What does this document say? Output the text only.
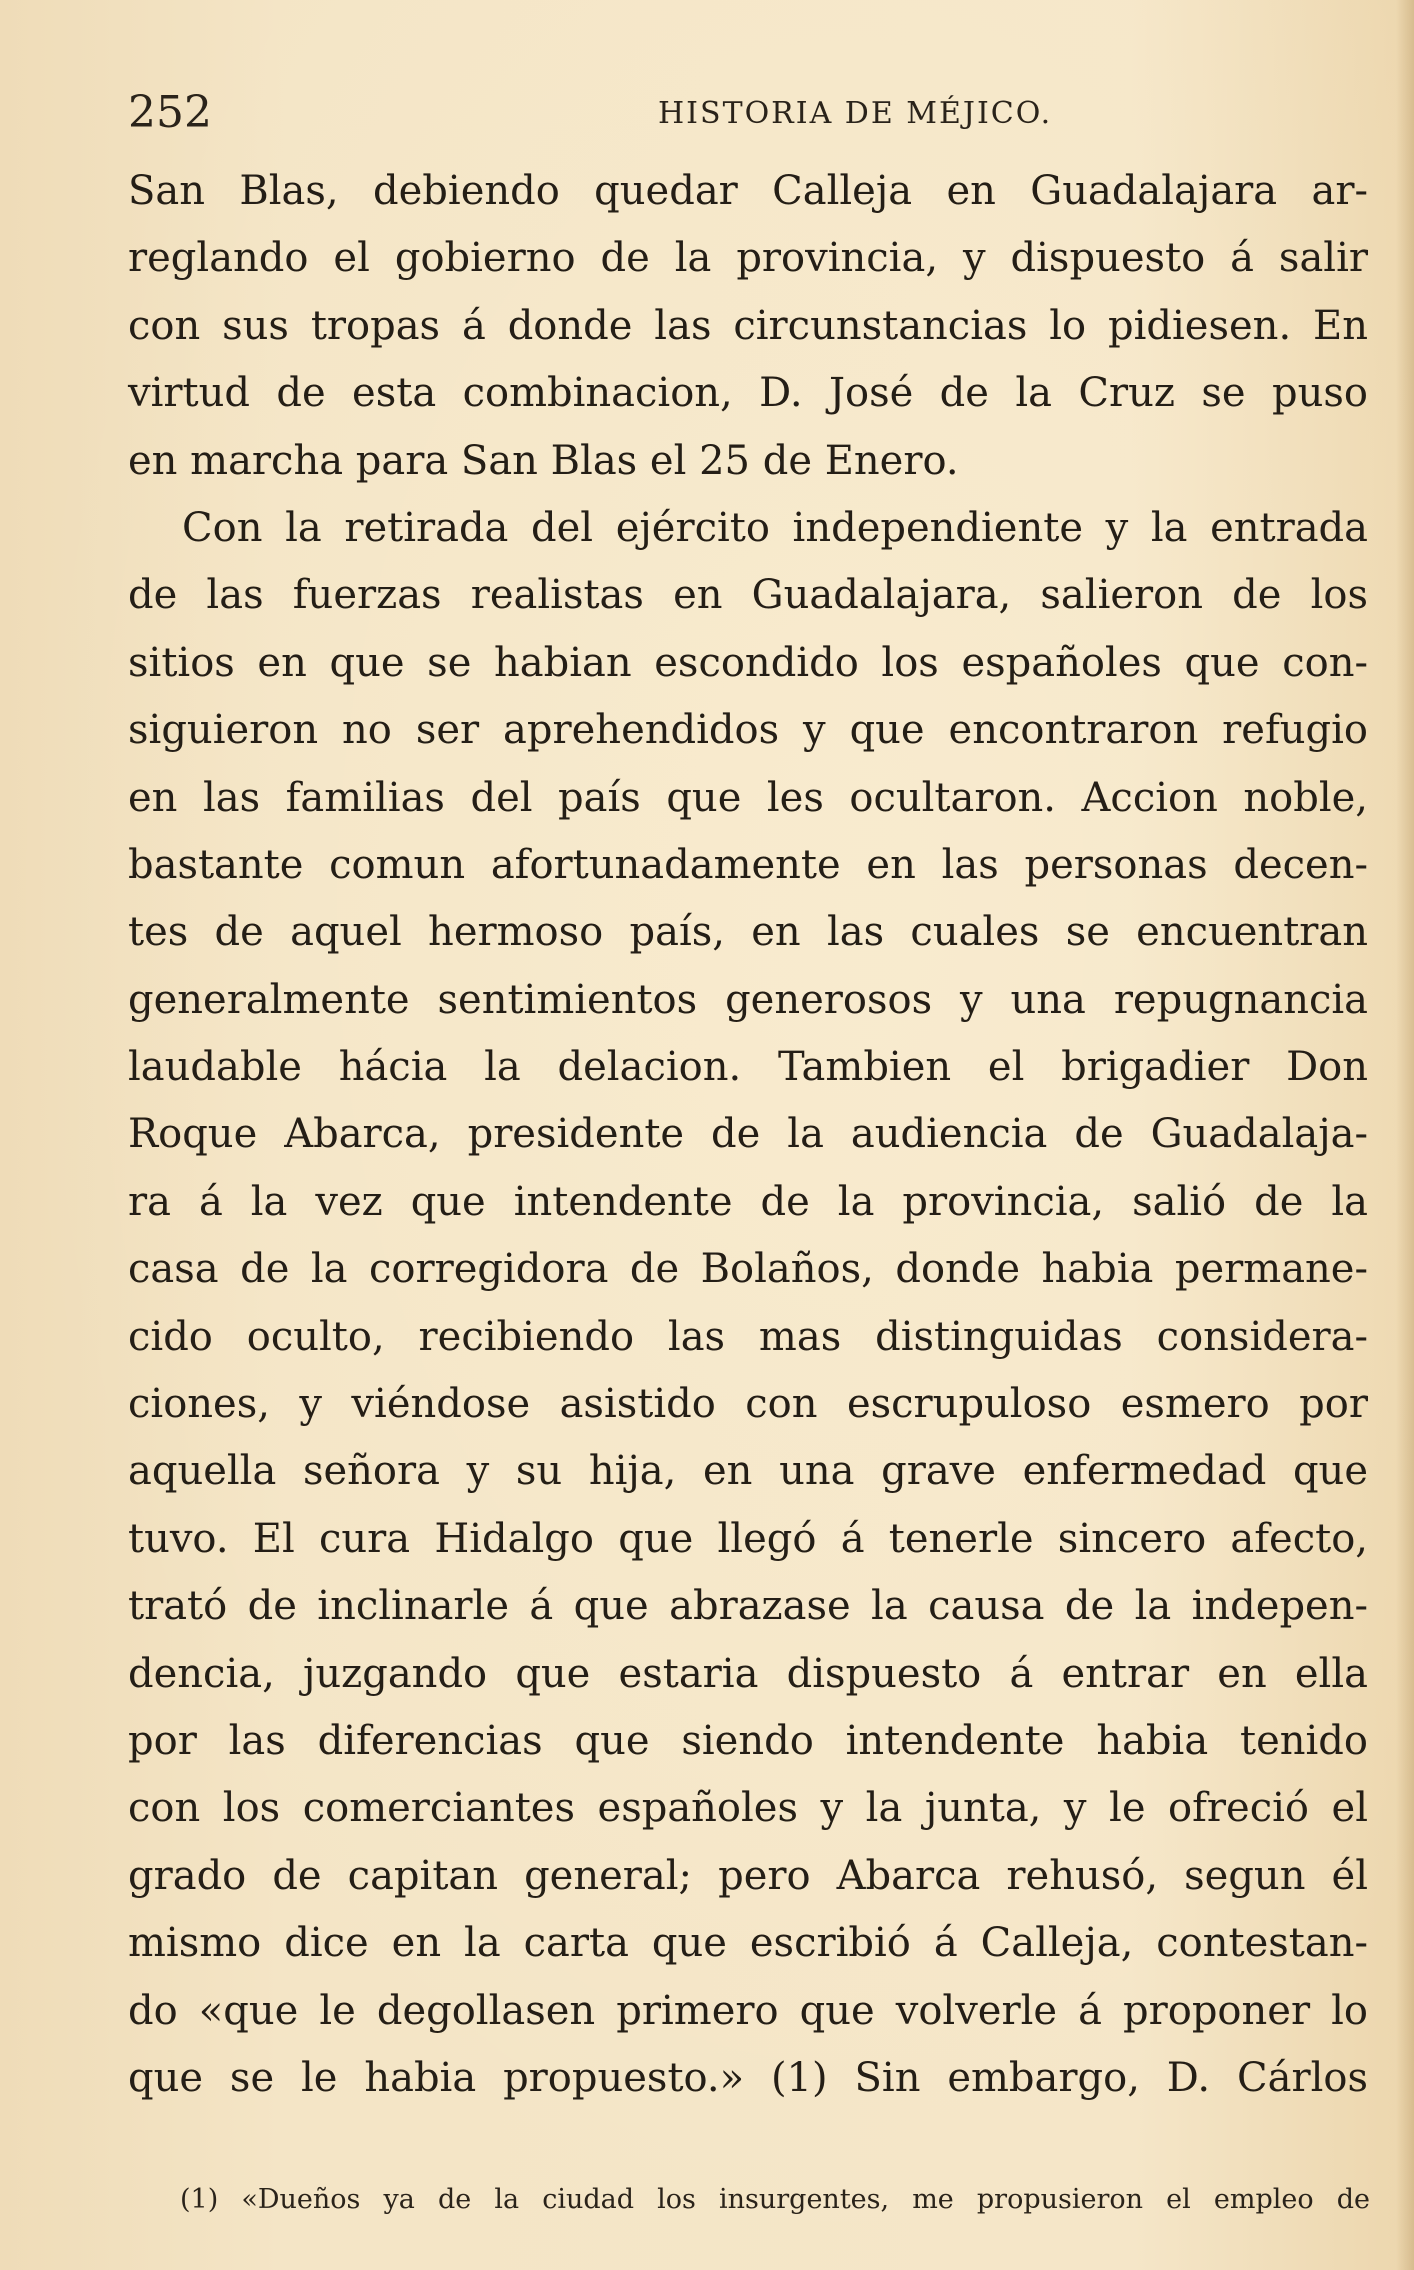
252	HISTORIA DE MÉJICO.
San Blas, debiendo quedar Calleja en Guadalajara ar-
reglando el gobierno de la provincia, y dispuesto á salir
con sus tropas á donde las circunstancias lo pidiesen. En
virtud de esta combinacion, D. José de la Cruz se puso
en marcha para San Blas el 25 de Enero.
Con la retirada del ejército independiente y la entrada
de las fuerzas realistas en Guadalajara, salieron de los
sitios en que se habian escondido los españoles que con-
siguieron no ser aprehendidos y que encontraron refugio
en las familias del país que les ocultaron. Accion noble,
bastante comun afortunadamente en las personas decen-
tes de aquel hermoso país, en las cuales se encuentran
generalmente sentimientos generosos y una repugnancia
laudable hácia la delacion. Tambien el brigadier Don
Roque Abarca, presidente de la audiencia de Guadalaja-
ra á la vez que intendente de la provincia, salió de la
casa de la corregidora de Bolaños, donde habia permane-
cido oculto, recibiendo las mas distinguidas considera-
ciones, y viéndose asistido con escrupuloso esmero por
aquella señora y su hija, en una grave enfermedad que
tuvo. El cura Hidalgo que llegó á tenerle sincero afecto,
trató de inclinarle á que abrazase la causa de la indepen-
dencia, juzgando que estaria dispuesto á entrar en ella
por las diferencias que siendo intendente habia tenido
con los comerciantes españoles y la junta, y le ofreció el
grado de capitan general; pero Abarca rehusó, segun él
mismo dice en la carta que escribió á Calleja, contestan-
do «que le degollasen primero que volverle á proponer lo
que se le habia propuesto.» (1) Sin embargo, D. Cárlos
(1) «Dueños ya de la ciudad los insurgentes, me propusieron el empleo de
